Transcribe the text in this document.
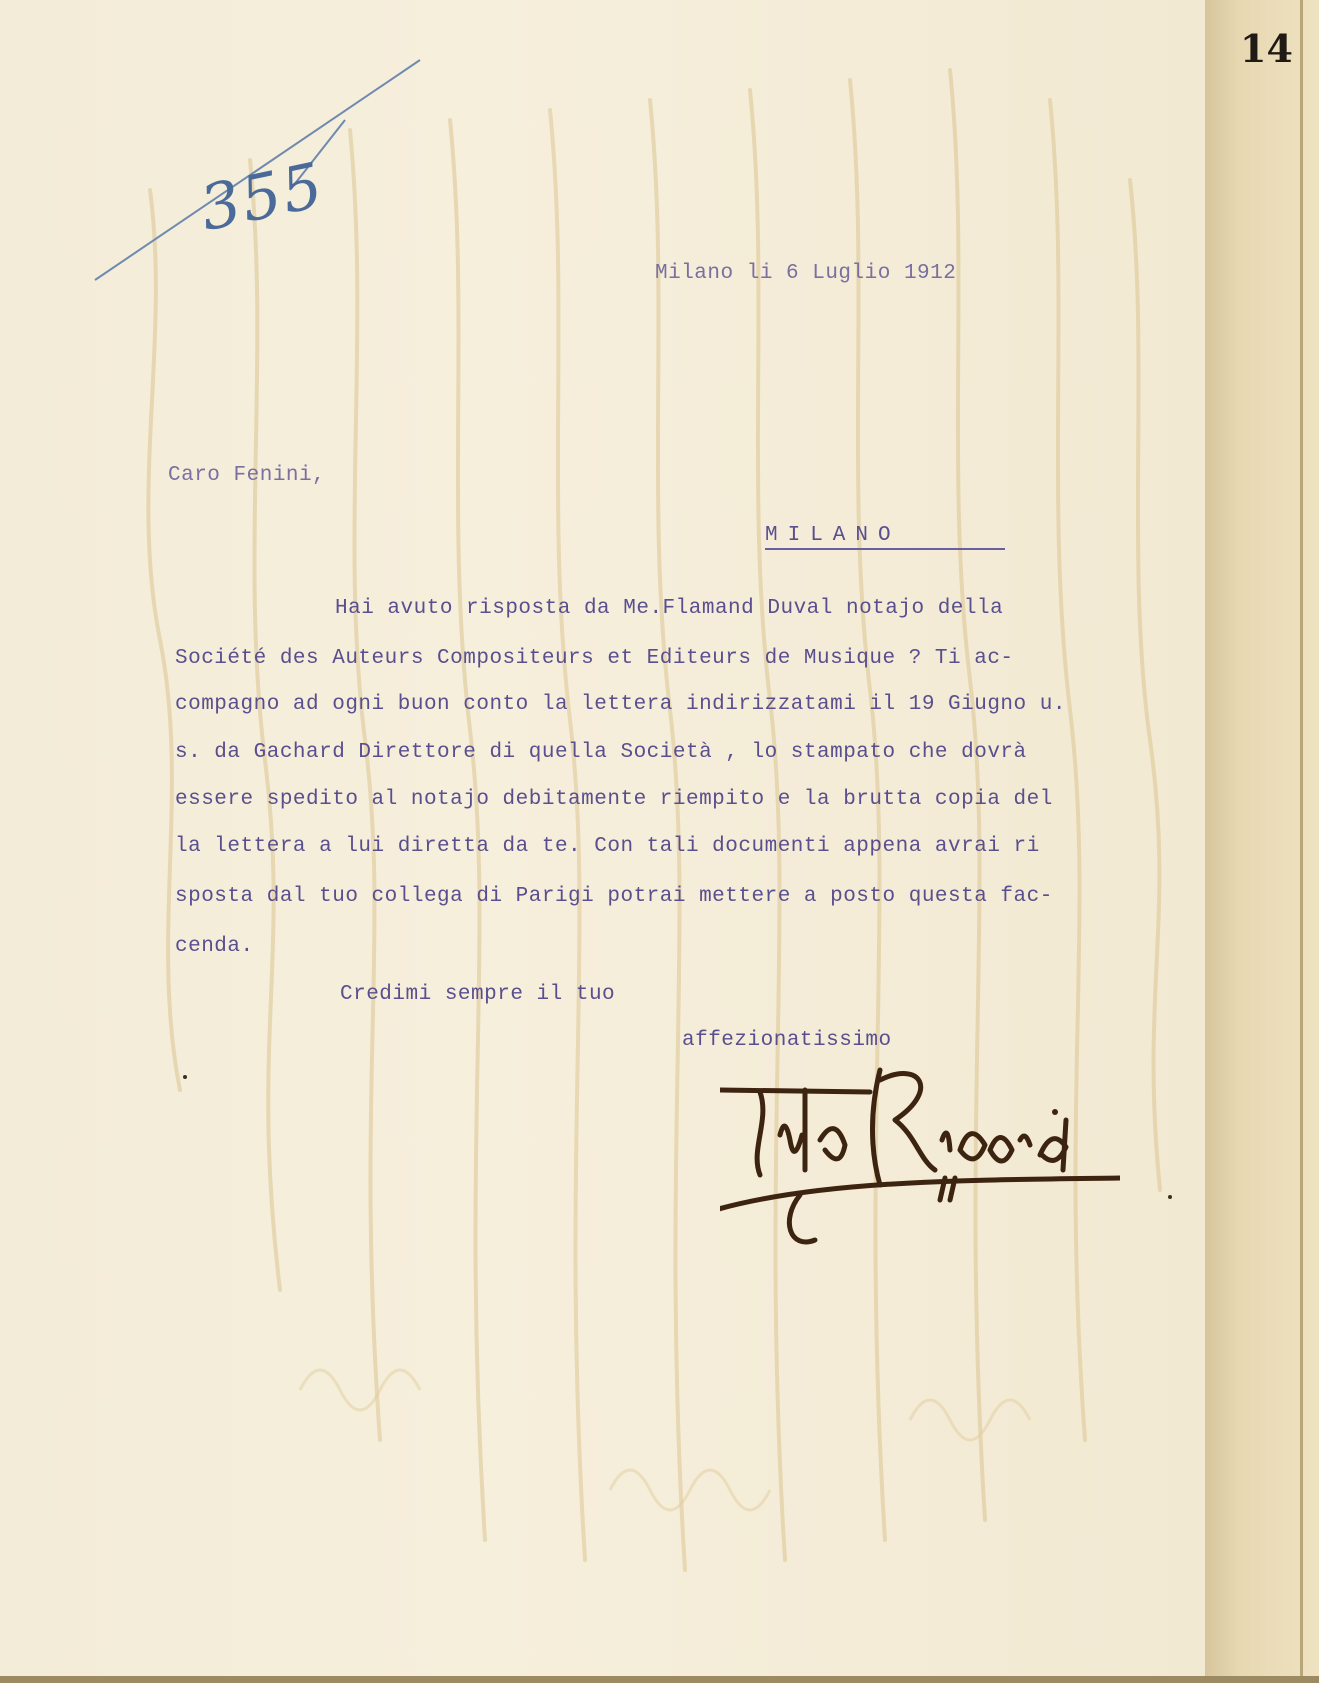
355
Milano li 6 Luglio 1912
Caro Fenini,
MILANO
Hai avuto risposta da Me.Flamand Duval notajo della
Société des Auteurs Compositeurs et Editeurs de Musique ? Ti ac-
compagno ad ogni buon conto la lettera indirizzatami il 19 Giugno u.
s. da Gachard Direttore di quella Società , lo stampato che dovrà
essere spedito al notajo debitamente riempito e la brutta copia del
la lettera a lui diretta da te. Con tali documenti appena avrai ri
sposta dal tuo collega di Parigi potrai mettere a posto questa fac-
cenda.
Credimi sempre il tuo
affezionatissimo
14
